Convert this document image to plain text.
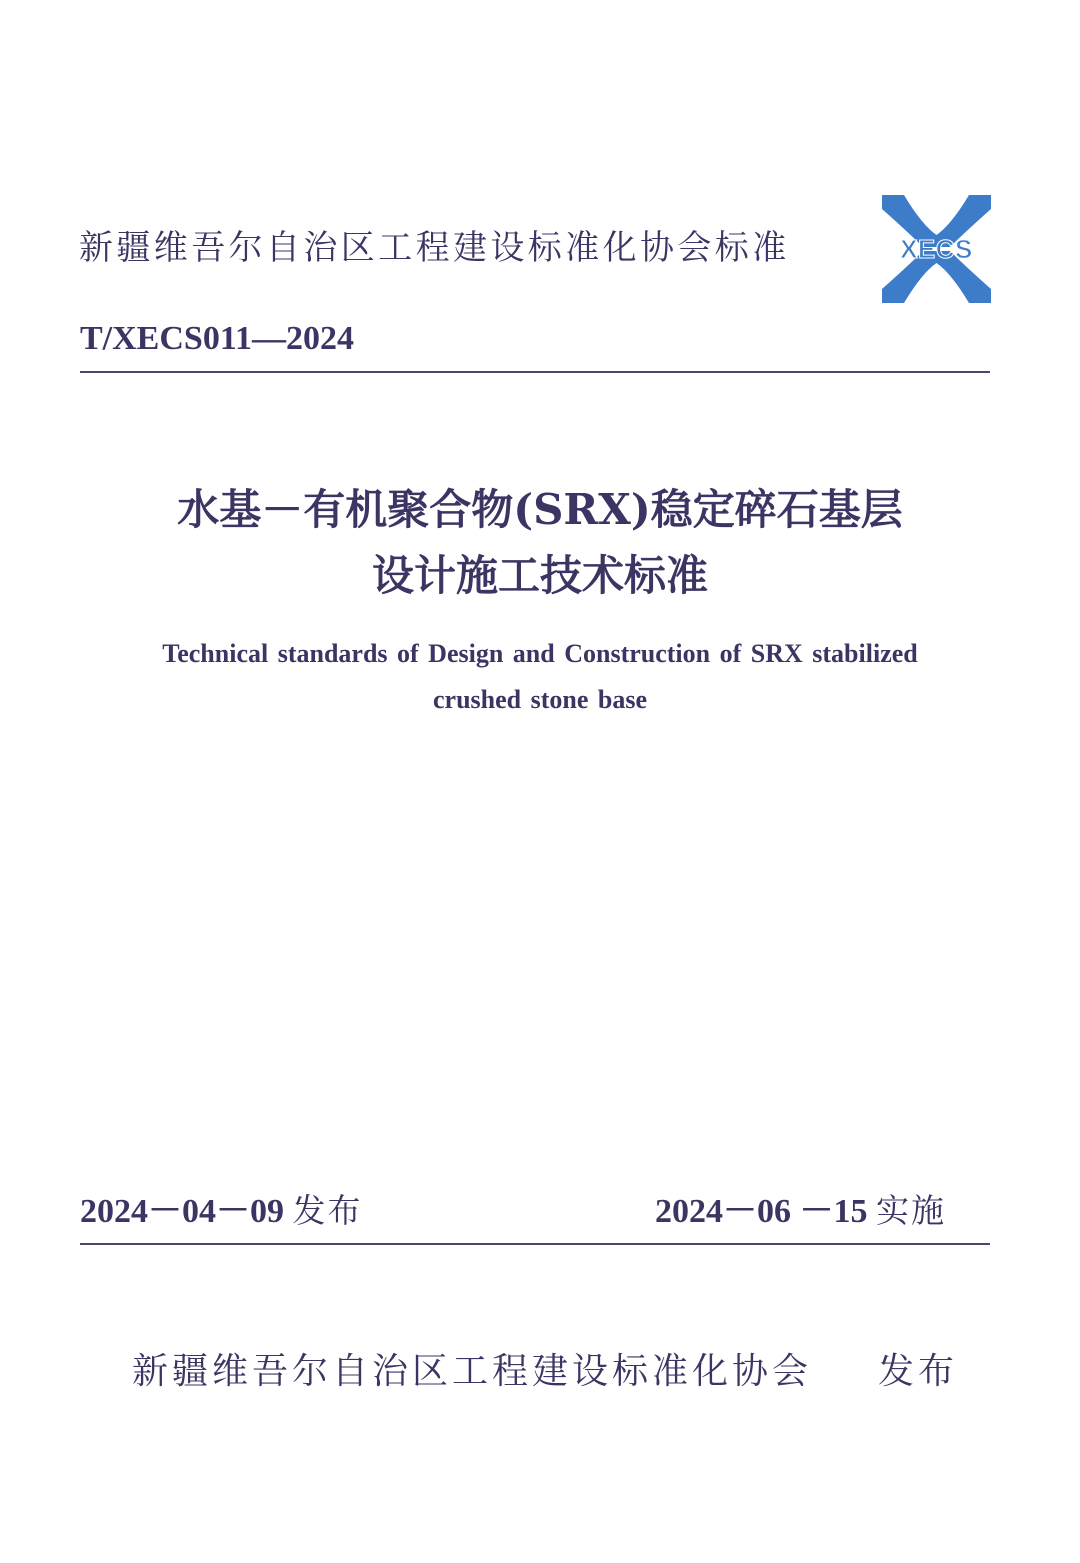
新疆维吾尔自治区工程建设标准化协会标准	XECS
T/XECS011—2024
水基－有机聚合物(SRX)稳定碎石基层
设计施工技术标准
Technical standards of Design and Construction of SRX stabilized
crushed stone base
2024－04－09 发布	2024－06 －15 实施
新疆维吾尔自治区工程建设标准化协会 发布
